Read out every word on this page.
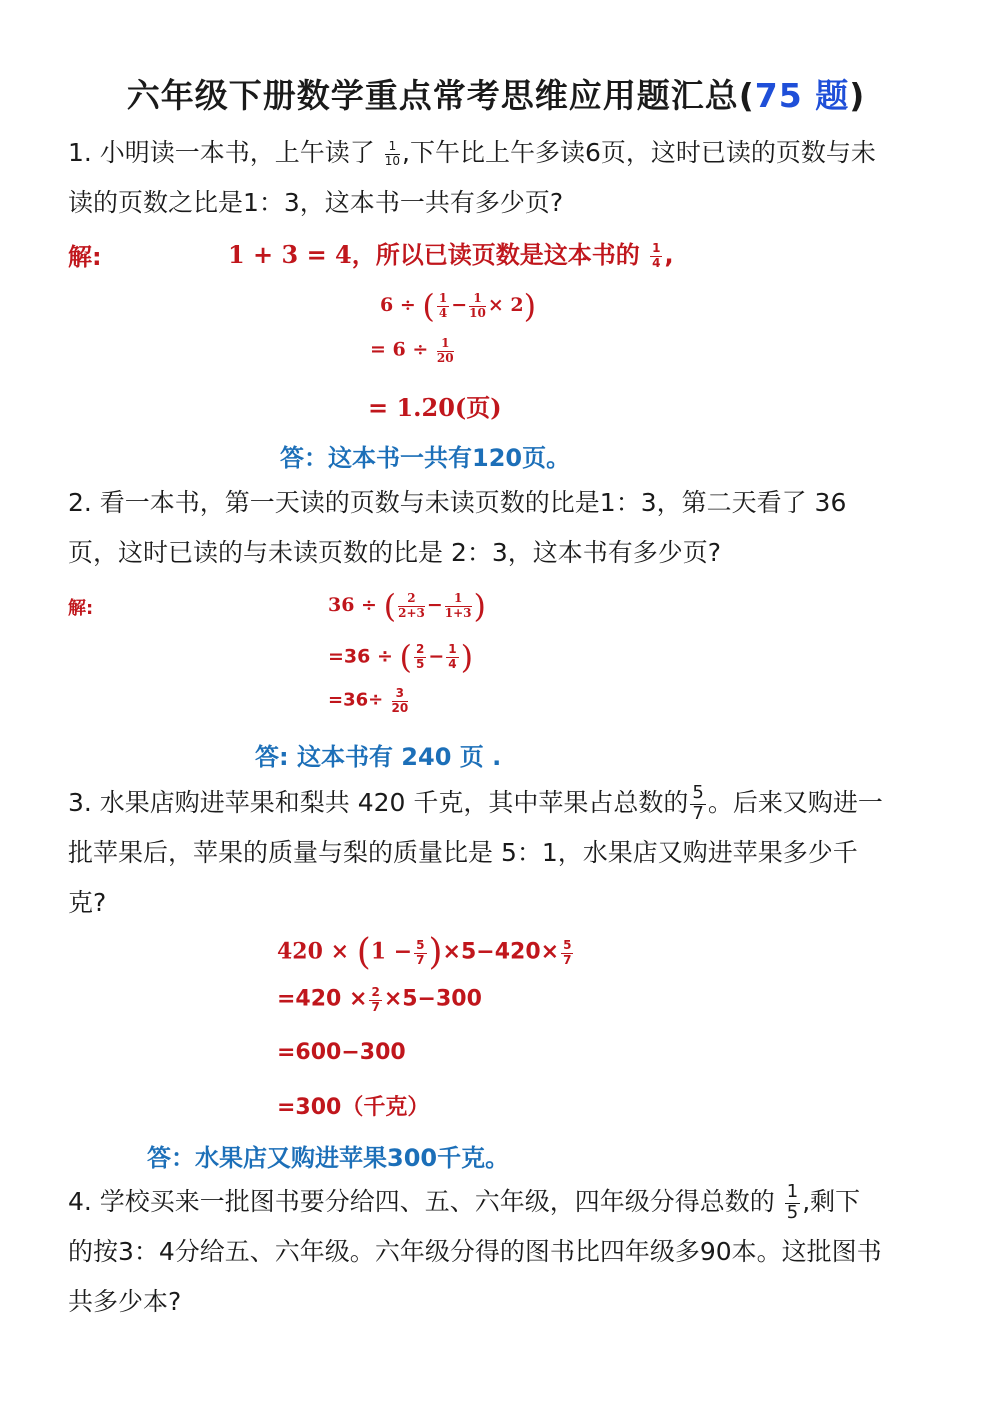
六年级下册数学重点常考思维应用题汇总(75 题)
1. 小明读一本书，上午读了 $\frac{1}{10}$ ,下午比上午多读6页，这时已读的页数与未
读的页数之比是1：3，这本书一共有多少页?
解:	1 + 3 = 4，所以已读页数是这本书的 $\frac{1}{4}$ ,
6 ÷ ( $\frac{1}{4} - \frac{1}{10} \times 2$)
= $6 \div \frac{1}{20}$
= 1.20(页)
答：这本书一共有120页。
2. 看一本书，第一天读的页数与未读页数的比是1：3，第二天看了 36
页，这时已读的与未读页数的比是 2：3，这本书有多少页?
解:	36 ÷ ( $\frac{2}{2+3} - \frac{1}{1+3}$ )
=36 ÷ ( $\frac{2}{5} - \frac{1}{4}$ )
$=36\div \frac{3}{20}$
答: 这本书有 240 页 .
3. 水果店购进苹果和梨共 420 千克，其中苹果占总数的 $\frac{5}{7}$ 。后来又购进一
批苹果后，苹果的质量与梨的质量比是 5：1，水果店又购进苹果多少千
克?
$420 \times (1 - \frac{5}{7} )\times 5-420\times \frac{5}{7}$
$=420 \times \frac{2}{7} \times 5-300$
=600−300
=300（千克）
答：水果店又购进苹果300千克。
4. 学校买来一批图书要分给四、五、六年级，四年级分得总数的 $\frac{1}{5}$ ,剩下
的按3：4分给五、六年级。六年级分得的图书比四年级多90本。这批图书
共多少本?
